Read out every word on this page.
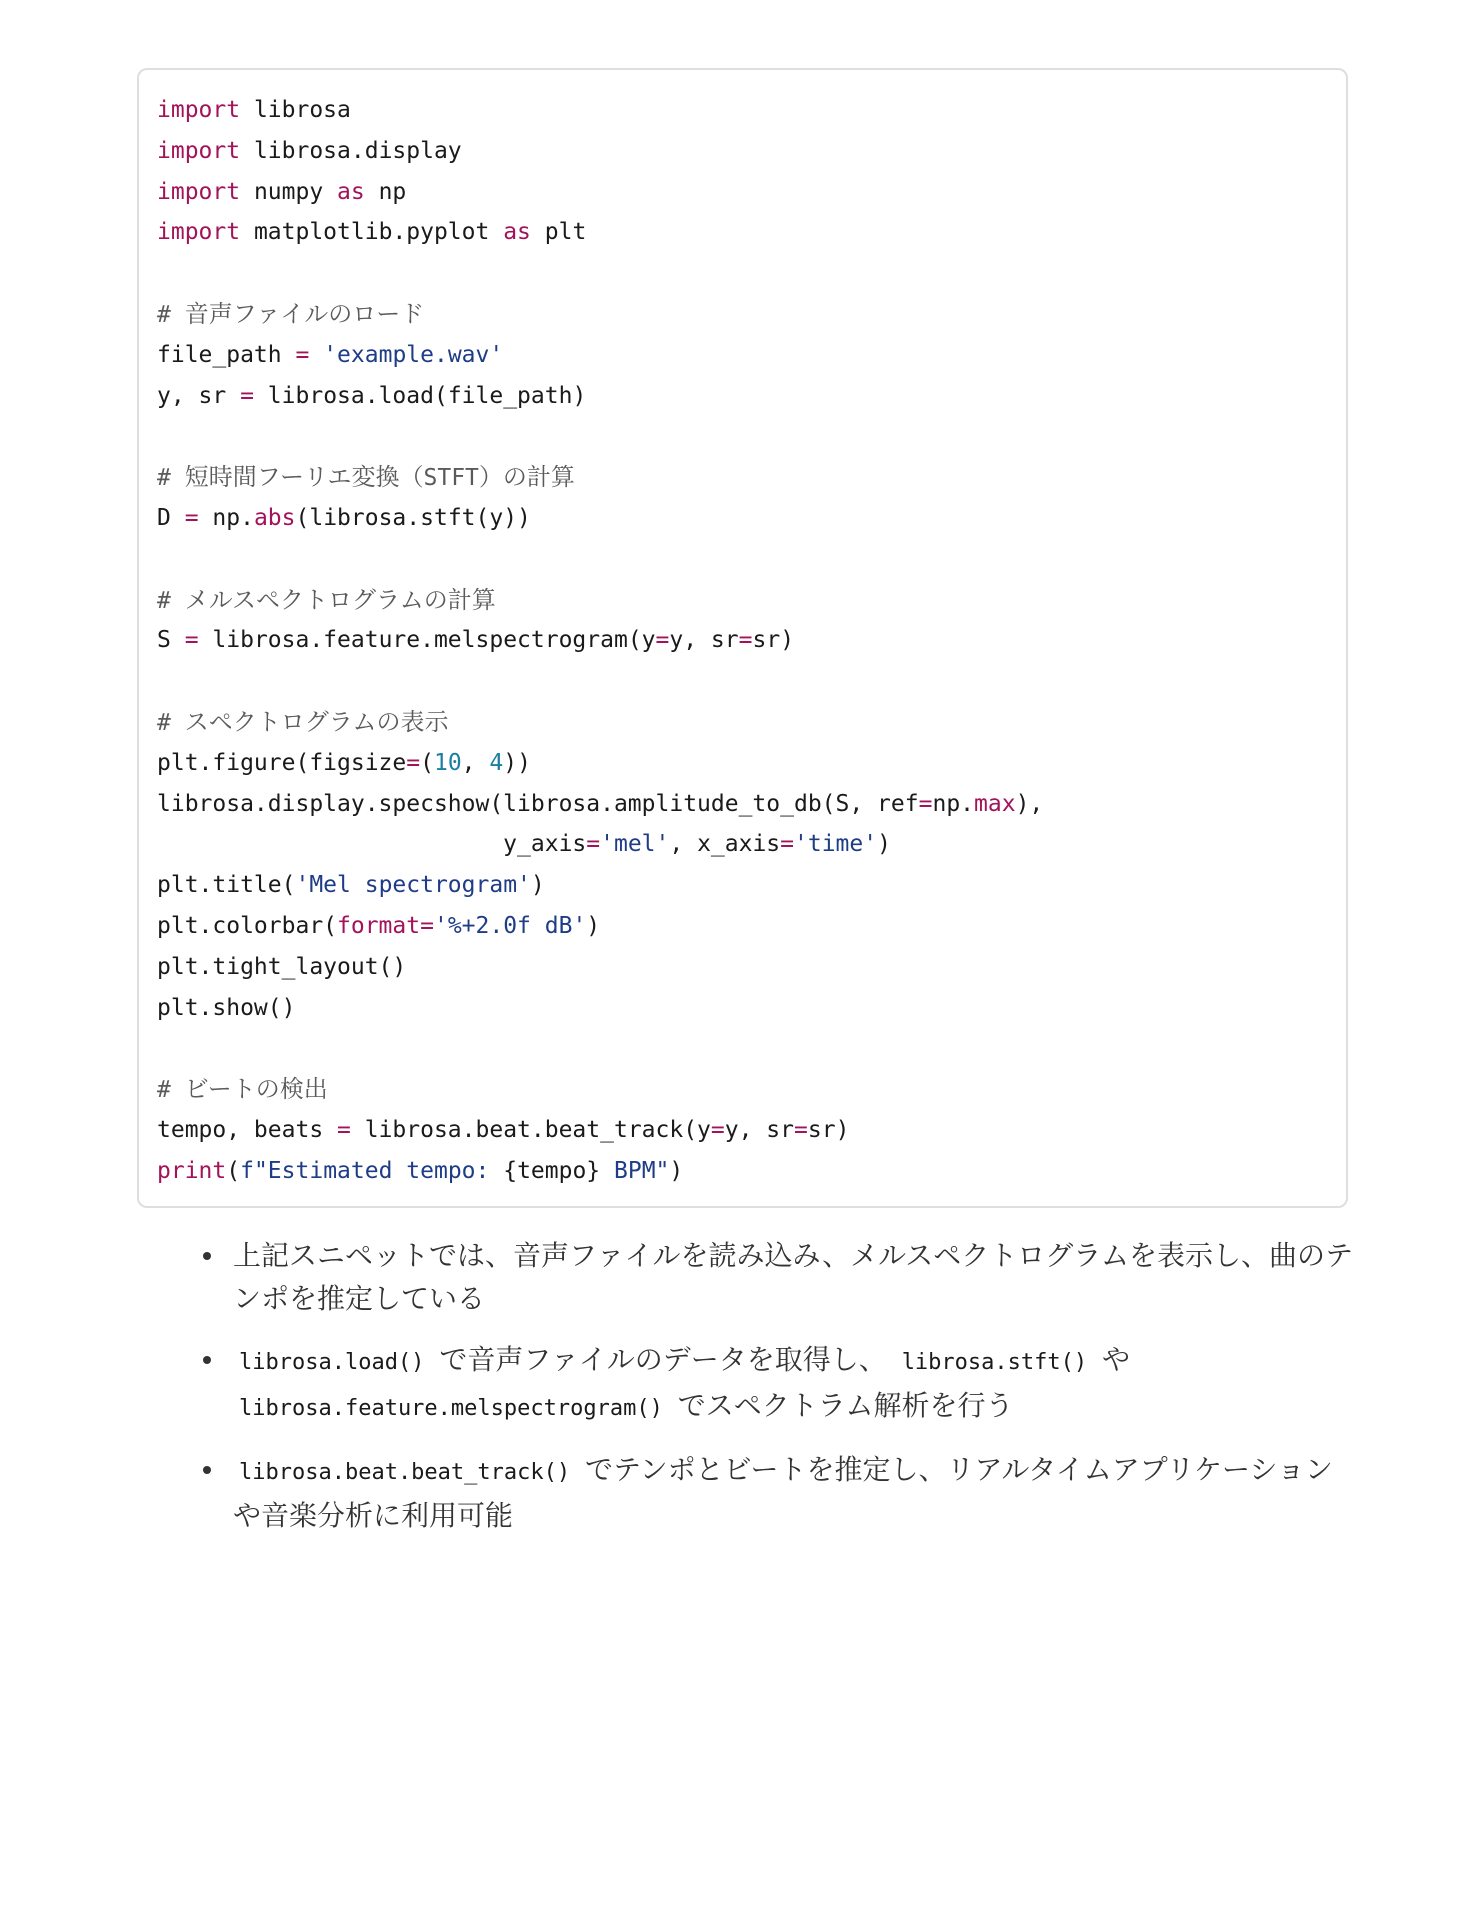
import librosa
import librosa.display
import numpy as np
import matplotlib.pyplot as plt
# 音声ファイルのロード
file_path = 'example.wav'
y, sr = librosa.load(file_path)
# 短時間フーリエ変換（STFT）の計算
D = np.abs(librosa.stft(y))
# メルスペクトログラムの計算
S = librosa.feature.melspectrogram(y=y, sr=sr)
# スペクトログラムの表示
plt.figure(figsize=(10, 4))
librosa.display.specshow(librosa.amplitude_to_db(S, ref=np.max),
y_axis='mel', x_axis='time')
plt.title('Mel spectrogram')
plt.colorbar(format='%+2.0f dB')
plt.tight_layout()
plt.show()
# ビートの検出
tempo, beats = librosa.beat.beat_track(y=y, sr=sr)
print(f"Estimated tempo: {tempo} BPM")
上記スニペットでは、音声ファイルを読み込み、メルスペクトログラムを表示し、曲のテンポを推定している
librosa.load() で音声ファイルのデータを取得し、 librosa.stft() や librosa.feature.melspectrogram() でスペクトラム解析を行う
librosa.beat.beat_track() でテンポとビートを推定し、リアルタイムアプリケーションや音楽分析に利用可能
